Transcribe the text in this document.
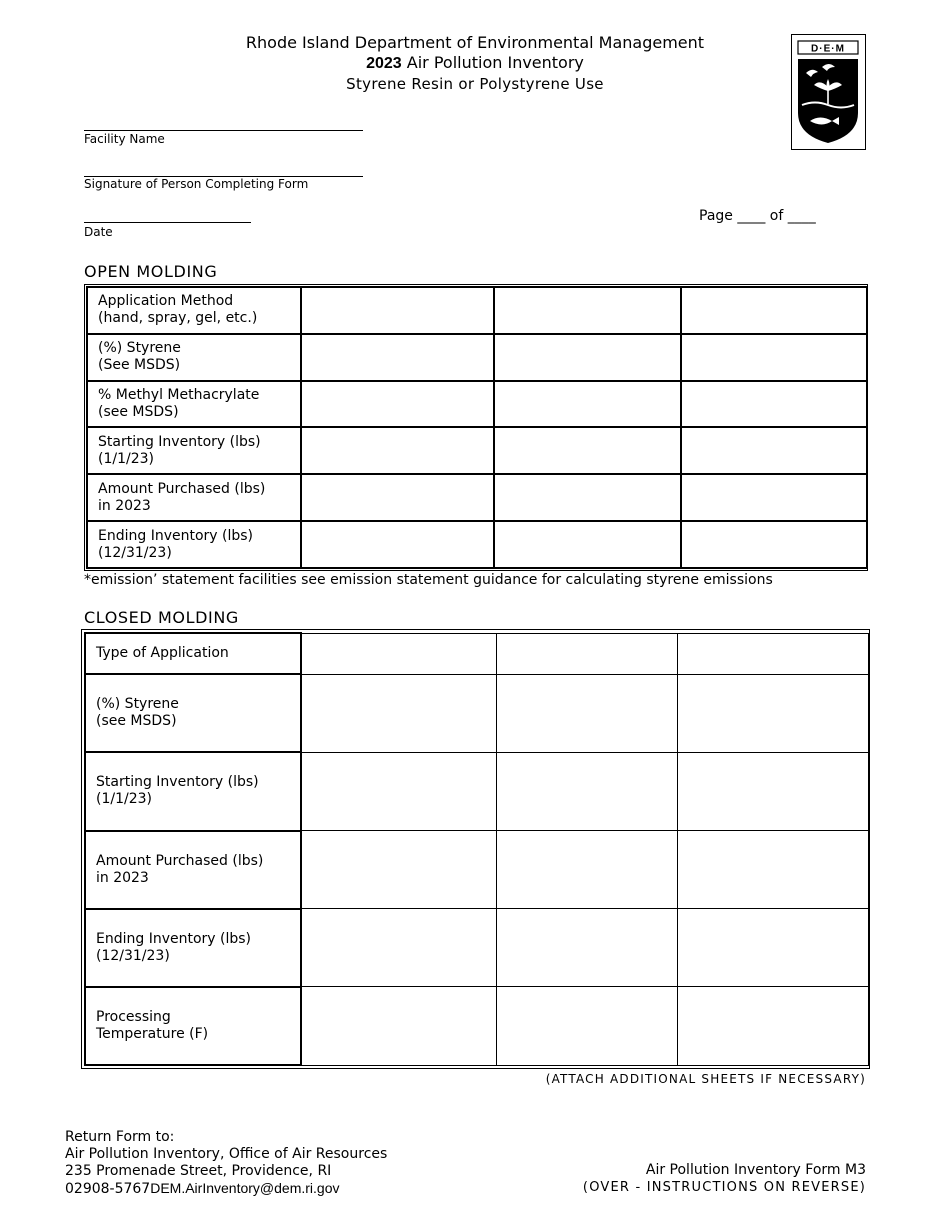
Rhode Island Department of Environmental Management
2023 Air Pollution Inventory
Styrene Resin or Polystyrene Use
D·E·M
Facility Name
Signature of Person Completing Form
Date
Page ____ of ____
OPEN MOLDING
Application Method
(hand, spray, gel, etc.)			

(%) Styrene
(See MSDS)			

% Methyl Methacrylate
(see MSDS)			

Starting Inventory (lbs)
(1/1/23)			

Amount Purchased (lbs)
in 2023			

Ending Inventory (lbs)
(12/31/23)			

*emission’ statement facilities see emission statement guidance for calculating styrene emissions
CLOSED MOLDING
Type of Application			

(%) Styrene
(see MSDS)			

Starting Inventory (lbs)
(1/1/23)			

Amount Purchased (lbs)
in 2023			

Ending Inventory (lbs)
(12/31/23)			

Processing
Temperature (F)			

(ATTACH ADDITIONAL SHEETS IF NECESSARY)
Return Form to:
Air Pollution Inventory, Office of Air Resources
235 Promenade Street, Providence, RI
02908-5767DEM.AirInventory@dem.ri.gov
Air Pollution Inventory Form M3
(OVER - INSTRUCTIONS ON REVERSE)
